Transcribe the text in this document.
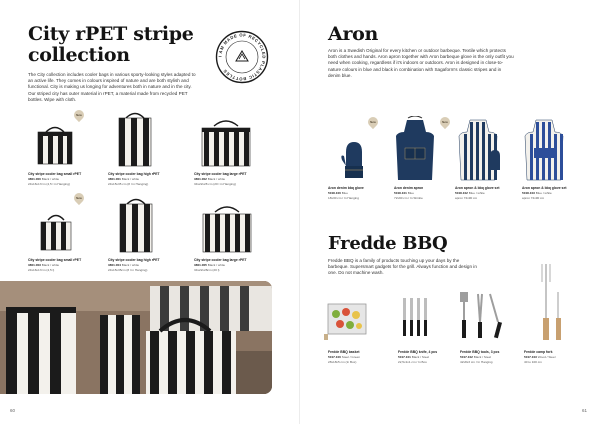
City rPET stripe
collection
The City collection includes cooler bags in various sporty-looking styles adapted to an active life. They comes in colours inspired of nature and are both stylish and functional. City is making us longing for adventures both in nature and in the city. Our striped city has outer material in rPET, a material made from recycled PET bottles. Wipe with cloth.
I AM MADE OF RECYCLED PLASTIC BOTTLES
New
City stripe cooler bag small rPET
3801.000 Black / white
24x16x17cm (4,5 l in Hanging)
City stripe cooler bag high rPET
3801.001 Black / white
24x15x35 cm (8 l in Hanging)
City stripe cooler bag large rPET
3801.002 Black / white
34x22x28 cm (20 l in Hanging)
New
City stripe cooler bag small rPET
3801.003 Black / white
24x16x17cm (4,5 l)
City stripe cooler bag high rPET
3801.004 Black / white
24x15x35cm (8 l in Hanging)
City stripe cooler bag large rPET
3801.005 Black / white
34x22x28cm (20 l)
60
Aron
Aron is a Swedish Original for every kitchen or outdoor barbeque. Textile which protects both clothes and hands. Aron apron together with Aron barbeque glove is the only outfit you need when cooking, regardless if it's indoors or outdoors. Aron is designed in close-to-nature colours in blue and black in combination with Sagaform's classic stripes and in denim blue.
New	New
Aron denim bbq glove
5018.100 Blue
18x30 cm / In Hanging
Aron denim apron
5018.101 Blue
72x90 cm / In Slimbe
Aron apron & bbq glove set
5018.102 Blue / white
apron 72x90 cm
Aron apron & bbq glove set
5018.103 Blue / white
apron 72x90 cm
Fredde BBQ
Fredde BBQ is a family of products touching up your days by the barbeque. Supersmart gadgets for the grill. Always function and design in one. Do not machine wash.
Fredde BBQ basket
5017.100 Steel / Green
28x18x5 cm (In Box)
Fredde BBQ knife, 4 pcs
5017.101 Black / Steel
22,5x1x1 cm / In Box
Fredde BBQ tools, 3 pcs
5017.102 Black / Steel
42x8x3 cm / In Hanging
Fredde camp fork
5017.103 Wood / Steel
40 to 100 cm
61
